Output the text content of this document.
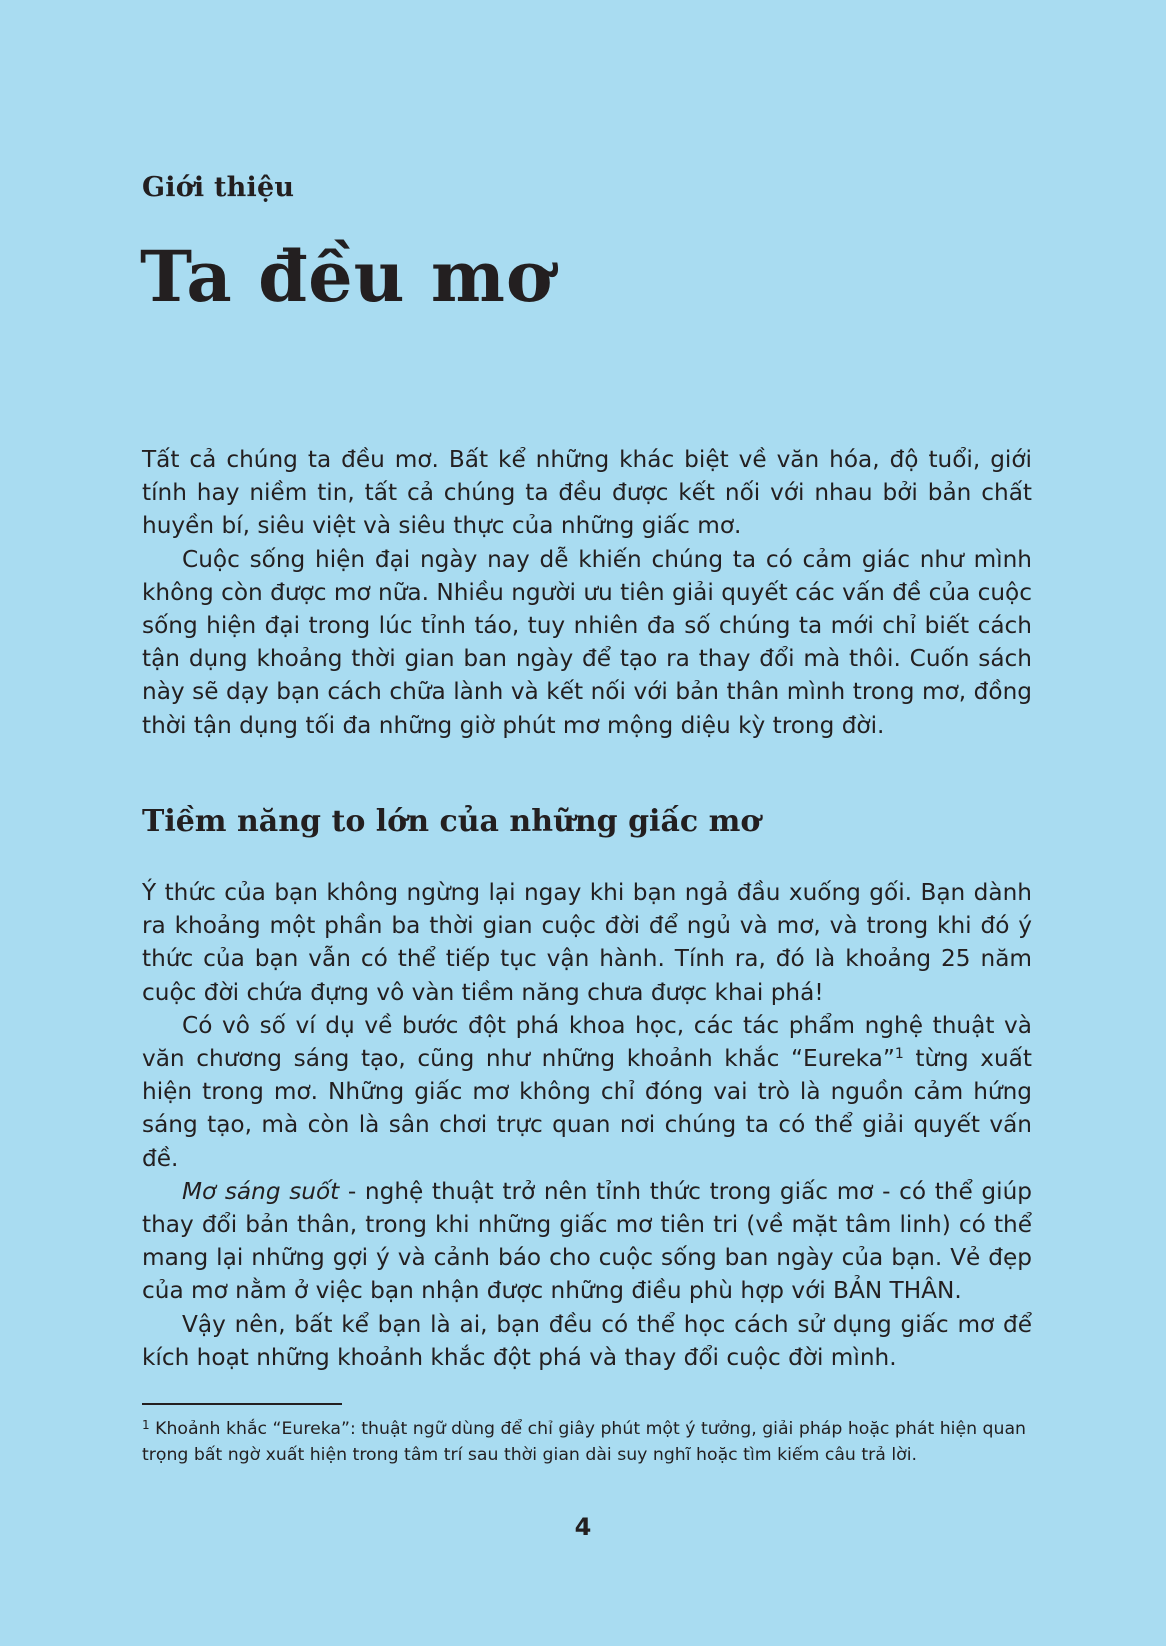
Giới thiệu
Ta đều mơ

Tất cả chúng ta đều mơ. Bất kể những khác biệt về văn hóa, độ tuổi, giới tính hay niềm tin, tất cả chúng ta đều được kết nối với nhau bởi bản chất huyền bí, siêu việt và siêu thực của những giấc mơ.

Cuộc sống hiện đại ngày nay dễ khiến chúng ta có cảm giác như mình không còn được mơ nữa. Nhiều người ưu tiên giải quyết các vấn đề của cuộc sống hiện đại trong lúc tỉnh táo, tuy nhiên đa số chúng ta mới chỉ biết cách tận dụng khoảng thời gian ban ngày để tạo ra thay đổi mà thôi. Cuốn sách này sẽ dạy bạn cách chữa lành và kết nối với bản thân mình trong mơ, đồng thời tận dụng tối đa những giờ phút mơ mộng diệu kỳ trong đời.

Tiềm năng to lớn của những giấc mơ

Ý thức của bạn không ngừng lại ngay khi bạn ngả đầu xuống gối. Bạn dành ra khoảng một phần ba thời gian cuộc đời để ngủ và mơ, và trong khi đó ý thức của bạn vẫn có thể tiếp tục vận hành. Tính ra, đó là khoảng 25 năm cuộc đời chứa đựng vô vàn tiềm năng chưa được khai phá!

Có vô số ví dụ về bước đột phá khoa học, các tác phẩm nghệ thuật và văn chương sáng tạo, cũng như những khoảnh khắc “Eureka”$^1$ từng xuất hiện trong mơ. Những giấc mơ không chỉ đóng vai trò là nguồn cảm hứng sáng tạo, mà còn là sân chơi trực quan nơi chúng ta có thể giải quyết vấn đề.

Mơ sáng suốt - nghệ thuật trở nên tỉnh thức trong giấc mơ - có thể giúp thay đổi bản thân, trong khi những giấc mơ tiên tri (về mặt tâm linh) có thể mang lại những gợi ý và cảnh báo cho cuộc sống ban ngày của bạn. Vẻ đẹp của mơ nằm ở việc bạn nhận được những điều phù hợp với BẢN THÂN.

Vậy nên, bất kể bạn là ai, bạn đều có thể học cách sử dụng giấc mơ để kích hoạt những khoảnh khắc đột phá và thay đổi cuộc đời mình.

$^1$ Khoảnh khắc “Eureka”: thuật ngữ dùng để chỉ giây phút một ý tưởng, giải pháp hoặc phát hiện quan trọng bất ngờ xuất hiện trong tâm trí sau thời gian dài suy nghĩ hoặc tìm kiếm câu trả lời.

4
